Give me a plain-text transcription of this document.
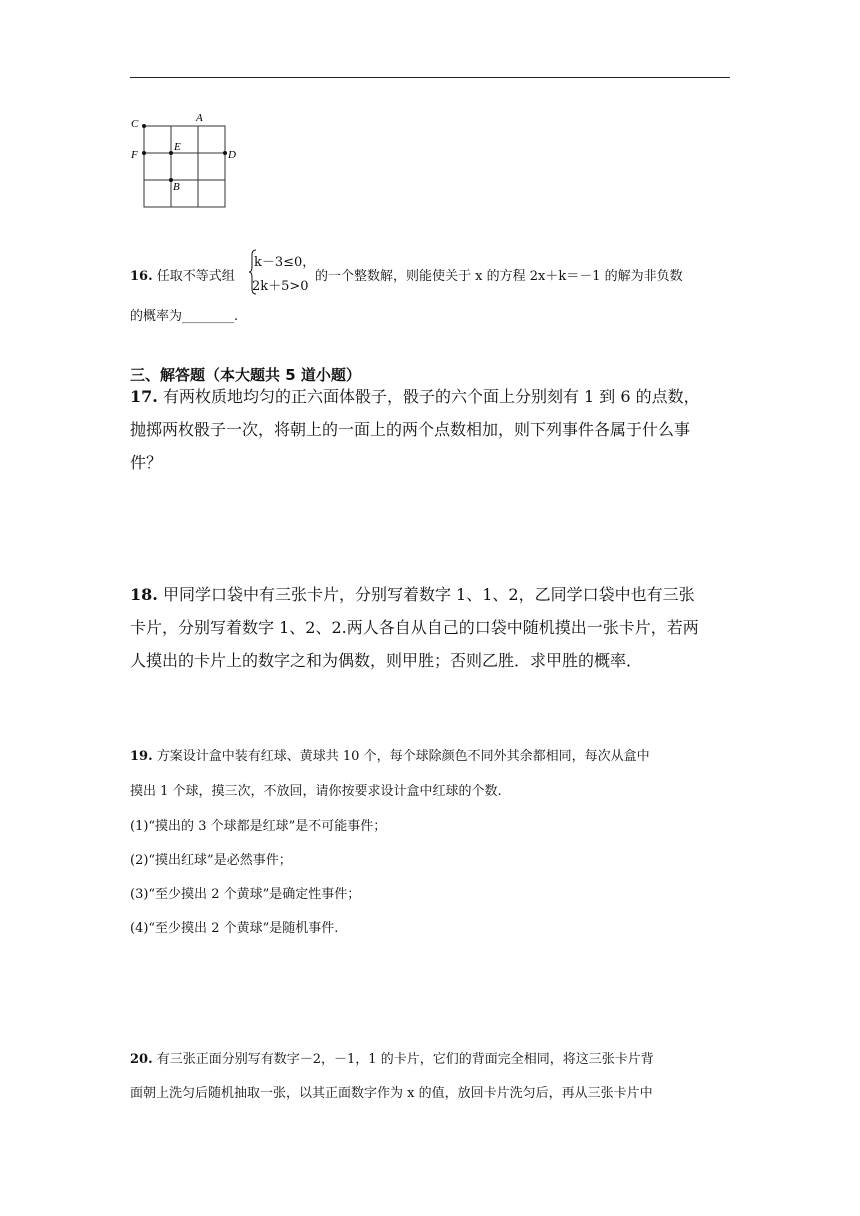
A
C
E
F	D
B
16. 任取不等式组
k－3≤0，
2k＋5>0
的一个整数解，则能使关于 x 的方程 2x＋k＝－1 的解为非负数
的概率为________.
三、解答题（本大题共 5 道小题）
17. 有两枚质地均匀的正六面体骰子，骰子的六个面上分别刻有 1 到 6 的点数，
抛掷两枚骰子一次，将朝上的一面上的两个点数相加，则下列事件各属于什么事
件？
18. 甲同学口袋中有三张卡片，分别写着数字 1、1、2，乙同学口袋中也有三张
卡片，分别写着数字 1、2、2.两人各自从自己的口袋中随机摸出一张卡片，若两
人摸出的卡片上的数字之和为偶数，则甲胜；否则乙胜．求甲胜的概率．
19. 方案设计盒中装有红球、黄球共 10 个，每个球除颜色不同外其余都相同，每次从盒中
摸出 1 个球，摸三次，不放回，请你按要求设计盒中红球的个数.
(1)“摸出的 3 个球都是红球”是不可能事件；
(2)“摸出红球”是必然事件；
(3)“至少摸出 2 个黄球”是确定性事件；
(4)“至少摸出 2 个黄球”是随机事件.
20. 有三张正面分别写有数字－2，－1，1 的卡片，它们的背面完全相同，将这三张卡片背
面朝上洗匀后随机抽取一张，以其正面数字作为 x 的值，放回卡片洗匀后，再从三张卡片中
